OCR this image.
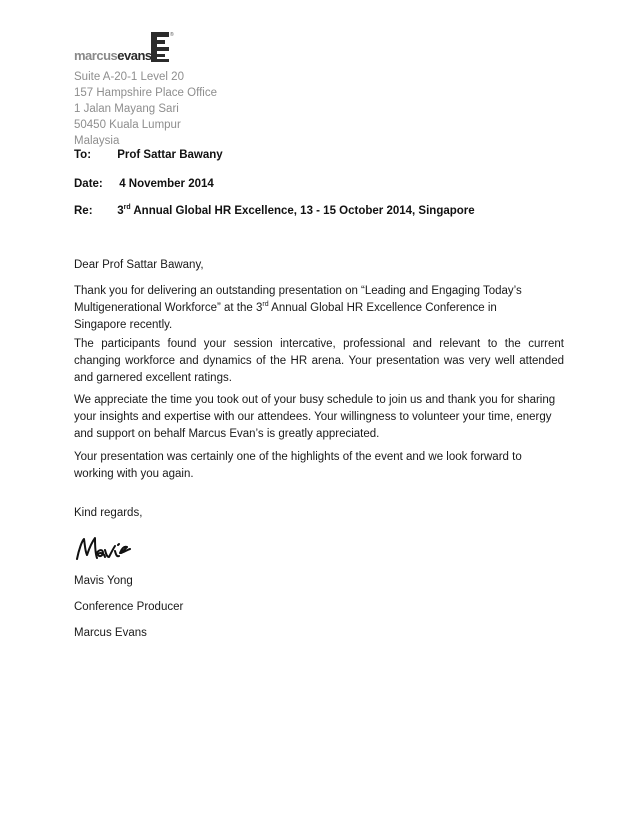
®
marcusevans
Suite A-20-1 Level 20
157 Hampshire Place Office
1 Jalan Mayang Sari
50450 Kuala Lumpur
Malaysia
To: Prof Sattar Bawany
Date: 4 November 2014
Re: 3rd Annual Global HR Excellence, 13 - 15 October 2014, Singapore

Dear Prof Sattar Bawany,

Thank you for delivering an outstanding presentation on “Leading and Engaging Today’s Multigenerational Workforce” at the 3rd Annual Global HR Excellence Conference in Singapore recently.

The participants found your session intercative, professional and relevant to the current changing workforce and dynamics of the HR arena. Your presentation was very well attended and garnered excellent ratings.

We appreciate the time you took out of your busy schedule to join us and thank you for sharing your insights and expertise with our attendees. Your willingness to volunteer your time, energy and support on behalf Marcus Evan’s is greatly appreciated.

Your presentation was certainly one of the highlights of the event and we look forward to working with you again.

Kind regards,

Mavis Yong
Conference Producer
Marcus Evans
